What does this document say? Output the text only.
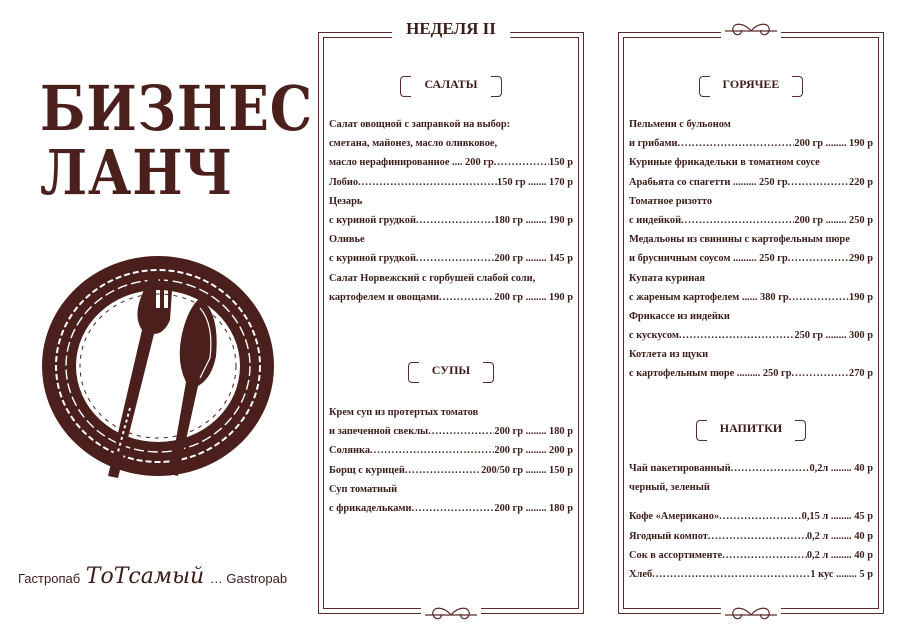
БИЗНЕС
ЛАНЧ
Гастропаб ТоТсамый … Gastropab
НЕДЕЛЯ II
САЛАТЫ
Салат овощной с заправкой на выбор:
сметана, майонез, масло оливковое,
масло нерафинированное .... 200 гр .....	150 р
Лобио .....	150 гр ....... 170 р
Цезарь
с куриной грудкой .....	180 гр ........ 190 р
Оливье
с куриной грудкой .....	200 гр ........ 145 р
Салат Норвежский с горбушей слабой соли,
картофелем и овощами .....	200 гр ........ 190 р
СУПЫ
Крем суп из протертых томатов
и запеченной свеклы .....	200 гр ........ 180 р
Солянка .....	200 гр ........ 200 р
Борщ с курицей .....	200/50 гр ........ 150 р
Суп томатный
с фрикадельками .....	200 гр ........ 180 р
ГОРЯЧЕЕ
Пельмени с бульоном
и грибами .....	200 гр ........ 190 р
Куриные фрикадельки в томатном соусе
Арабьята со спагетти ......... 250 гр .....	220 р
Томатное ризотто
с индейкой .....	200 гр ........ 250 р
Медальоны из свинины с картофельным пюре
и брусничным соусом ......... 250 гр .....	290 р
Купата куриная
с жареным картофелем ...... 380 гр .....	190 р
Фрикассе из индейки
с кускусом .....	250 гр ........ 300 р
Котлета из щуки
с картофельным пюре ......... 250 гр .....	270 р
НАПИТКИ
Чай пакетированный .....	0,2л ........ 40 р
черный, зеленый
Кофе «Американо» .....	0,15 л ........ 45 р
Ягодный компот .....	0,2 л ........ 40 р
Сок в ассортименте .....	0,2 л ........ 40 р
Хлеб .....	1 кус ........ 5 р
